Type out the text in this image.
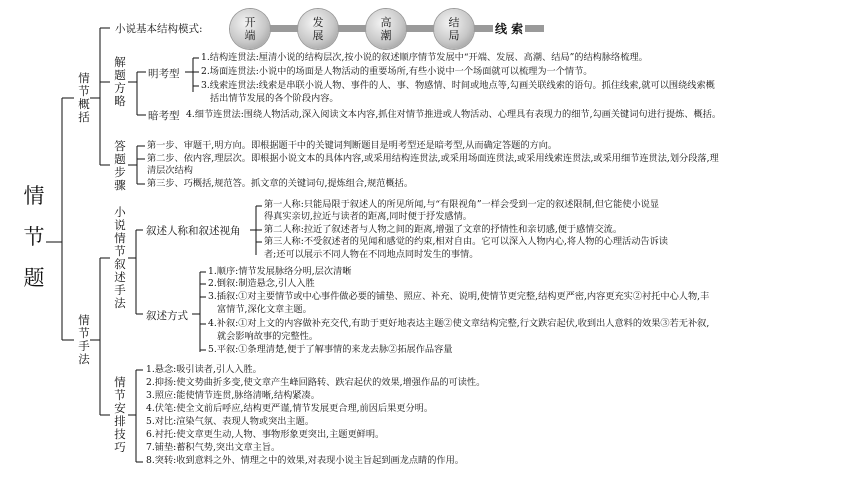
情节题
小说基本结构模式:	开端
发展
高潮
结局	线 索
情节概括
解题方略
明考型
1.结构连贯法:厘清小说的结构层次,按小说的叙述顺序情节发展中“开端、发展、高潮、结局”的结构脉络梳理。
2.场面连贯法:小说中的场面是人物活动的重要场所,有些小说中一个场面就可以梳理为一个情节。
3.线索连贯法:线索是串联小说人物、事件的人、事、物感情、时间或地点等,勾画关联线索的语句。抓住线索,就可以围绕线索概
括出情节发展的各个阶段内容。
暗考型 4.细节连贯法:围绕人物活动,深入阅读文本内容,抓住对情节推进或人物活动、心理具有表现力的细节,勾画关键词句进行提炼、概括。
答题步骤
第一步、审题干,明方向。即根据题干中的关键词判断题目是明考型还是暗考型,从而确定答题的方向。
第二步、依内容,理层次。即根据小说文本的具体内容,或采用结构连贯法,或采用场面连贯法,或采用线索连贯法,或采用细节连贯法,划分段落,理
清层次结构
第三步、巧概括,规范答。抓文章的关键词句,提炼组合,规范概括。
情节手法
小说情节叙述手法
叙述人称和叙述视角
第一人称:只能局限于叙述人的所见所闻,与“有限视角”一样会受到一定的叙述限制,但它能使小说显
得真实亲切,拉近与读者的距离,同时便于抒发感情。
第二人称:拉近了叙述者与人物之间的距离,增强了文章的抒情性和亲切感,便于感情交流。
第三人称:不受叙述者的见闻和感觉的约束,相对自由。它可以深入人物内心,将人物的心理活动告诉读
者;还可以展示不同人物在不同地点同时发生的事情。
叙述方式
1.顺序:情节发展脉络分明,层次清晰
2.倒叙:制造悬念,引人入胜
3.插叙:①对主要情节或中心事件做必要的铺垫、照应、补充、说明,使情节更完整,结构更严密,内容更充实②衬托中心人物,丰
富情节,深化文章主题。
4.补叙:①对上文的内容做补充交代,有助于更好地表达主题②使文章结构完整,行文跌宕起伏,收到出人意料的效果③若无补叙,
就会影响故事的完整性。
5.平叙:①条理清楚,便于了解事情的来龙去脉②拓展作品容量
情节安排技巧
1.悬念:吸引读者,引人入胜。
2.抑扬:使文势曲折多变,使文章产生峰回路转、跌宕起伏的效果,增强作品的可读性。
3.照应:能使情节连贯,脉络清晰,结构紧凑。
4.伏笔:使全文前后呼应,结构更严谨,情节发展更合理,前因后果更分明。
5.对比:渲染气氛、表现人物或突出主题。
6.衬托:使文章更生动,人物、事物形象更突出,主题更鲜明。
7.铺垫:蓄积气势,突出文章主旨。
8.突转:收到意料之外、情理之中的效果,对表现小说主旨起到画龙点睛的作用。
